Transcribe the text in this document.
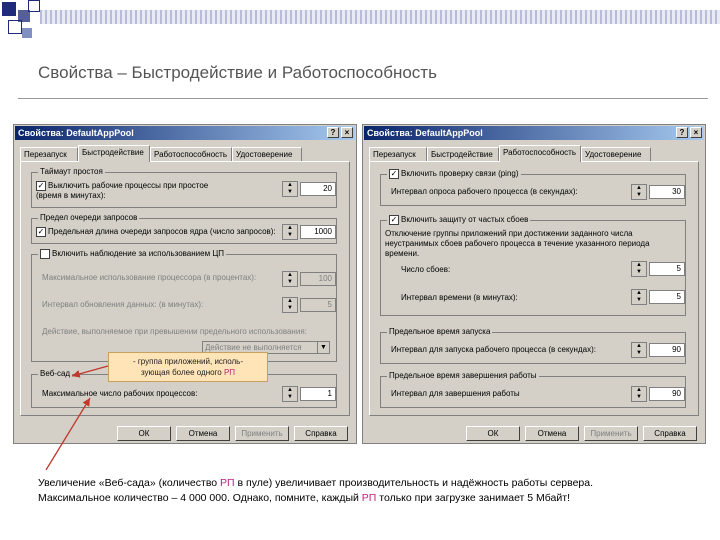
Свойства – Быстродействие и Работоспособность
Свойства: DefaultAppPool	?	×
Перезапуск	Быстродействие	Работоспособность	Удостоверение
Таймаут простоя
✓ Выключить рабочие процессы при простое (время в минутах):
▲
▼	20
Предел очереди запросов
✓ Предельная длина очереди запросов ядра (число запросов):	▲
▼	1000
Включить наблюдение за использованием ЦП
Максимальное использование процессора (в процентах):	▲
▼	100
Интервал обновления данных: (в минутах):	▲
▼	5
Действие, выполняемое при превышении предельного использования:
Действие не выполняется	▼
Веб-сад
Максимальное число рабочих процессов:	▲
▼	1
ОК	Отмена	Применить	Справка
Свойства: DefaultAppPool	?	×
Перезапуск	Быстродействие	Работоспособность	Удостоверение
✓ Включить проверку связи (ping)
Интервал опроса рабочего процесса (в секундах):	▲
▼	30
✓ Включить защиту от частых сбоев
Отключение группы приложений при достижении заданного числа неустранимых сбоев рабочего процесса в течение указанного периода времени.
Число сбоев:	▲
▼	5
Интервал времени (в минутах):	▲
▼	5
Предельное время запуска
Интервал для запуска рабочего процесса (в секундах):	▲
▼	90
Предельное время завершения работы
Интервал для завершения работы	▲
▼	90
ОК	Отмена	Применить	Справка
- группа приложений, исполь-
зующая более одного РП
Увеличение «Веб-сада» (количество РП в пуле) увеличивает производительность и надёжность работы сервера.
Максимальное количество – 4 000 000. Однако, помните, каждый РП только при загрузке занимает 5 Мбайт!
